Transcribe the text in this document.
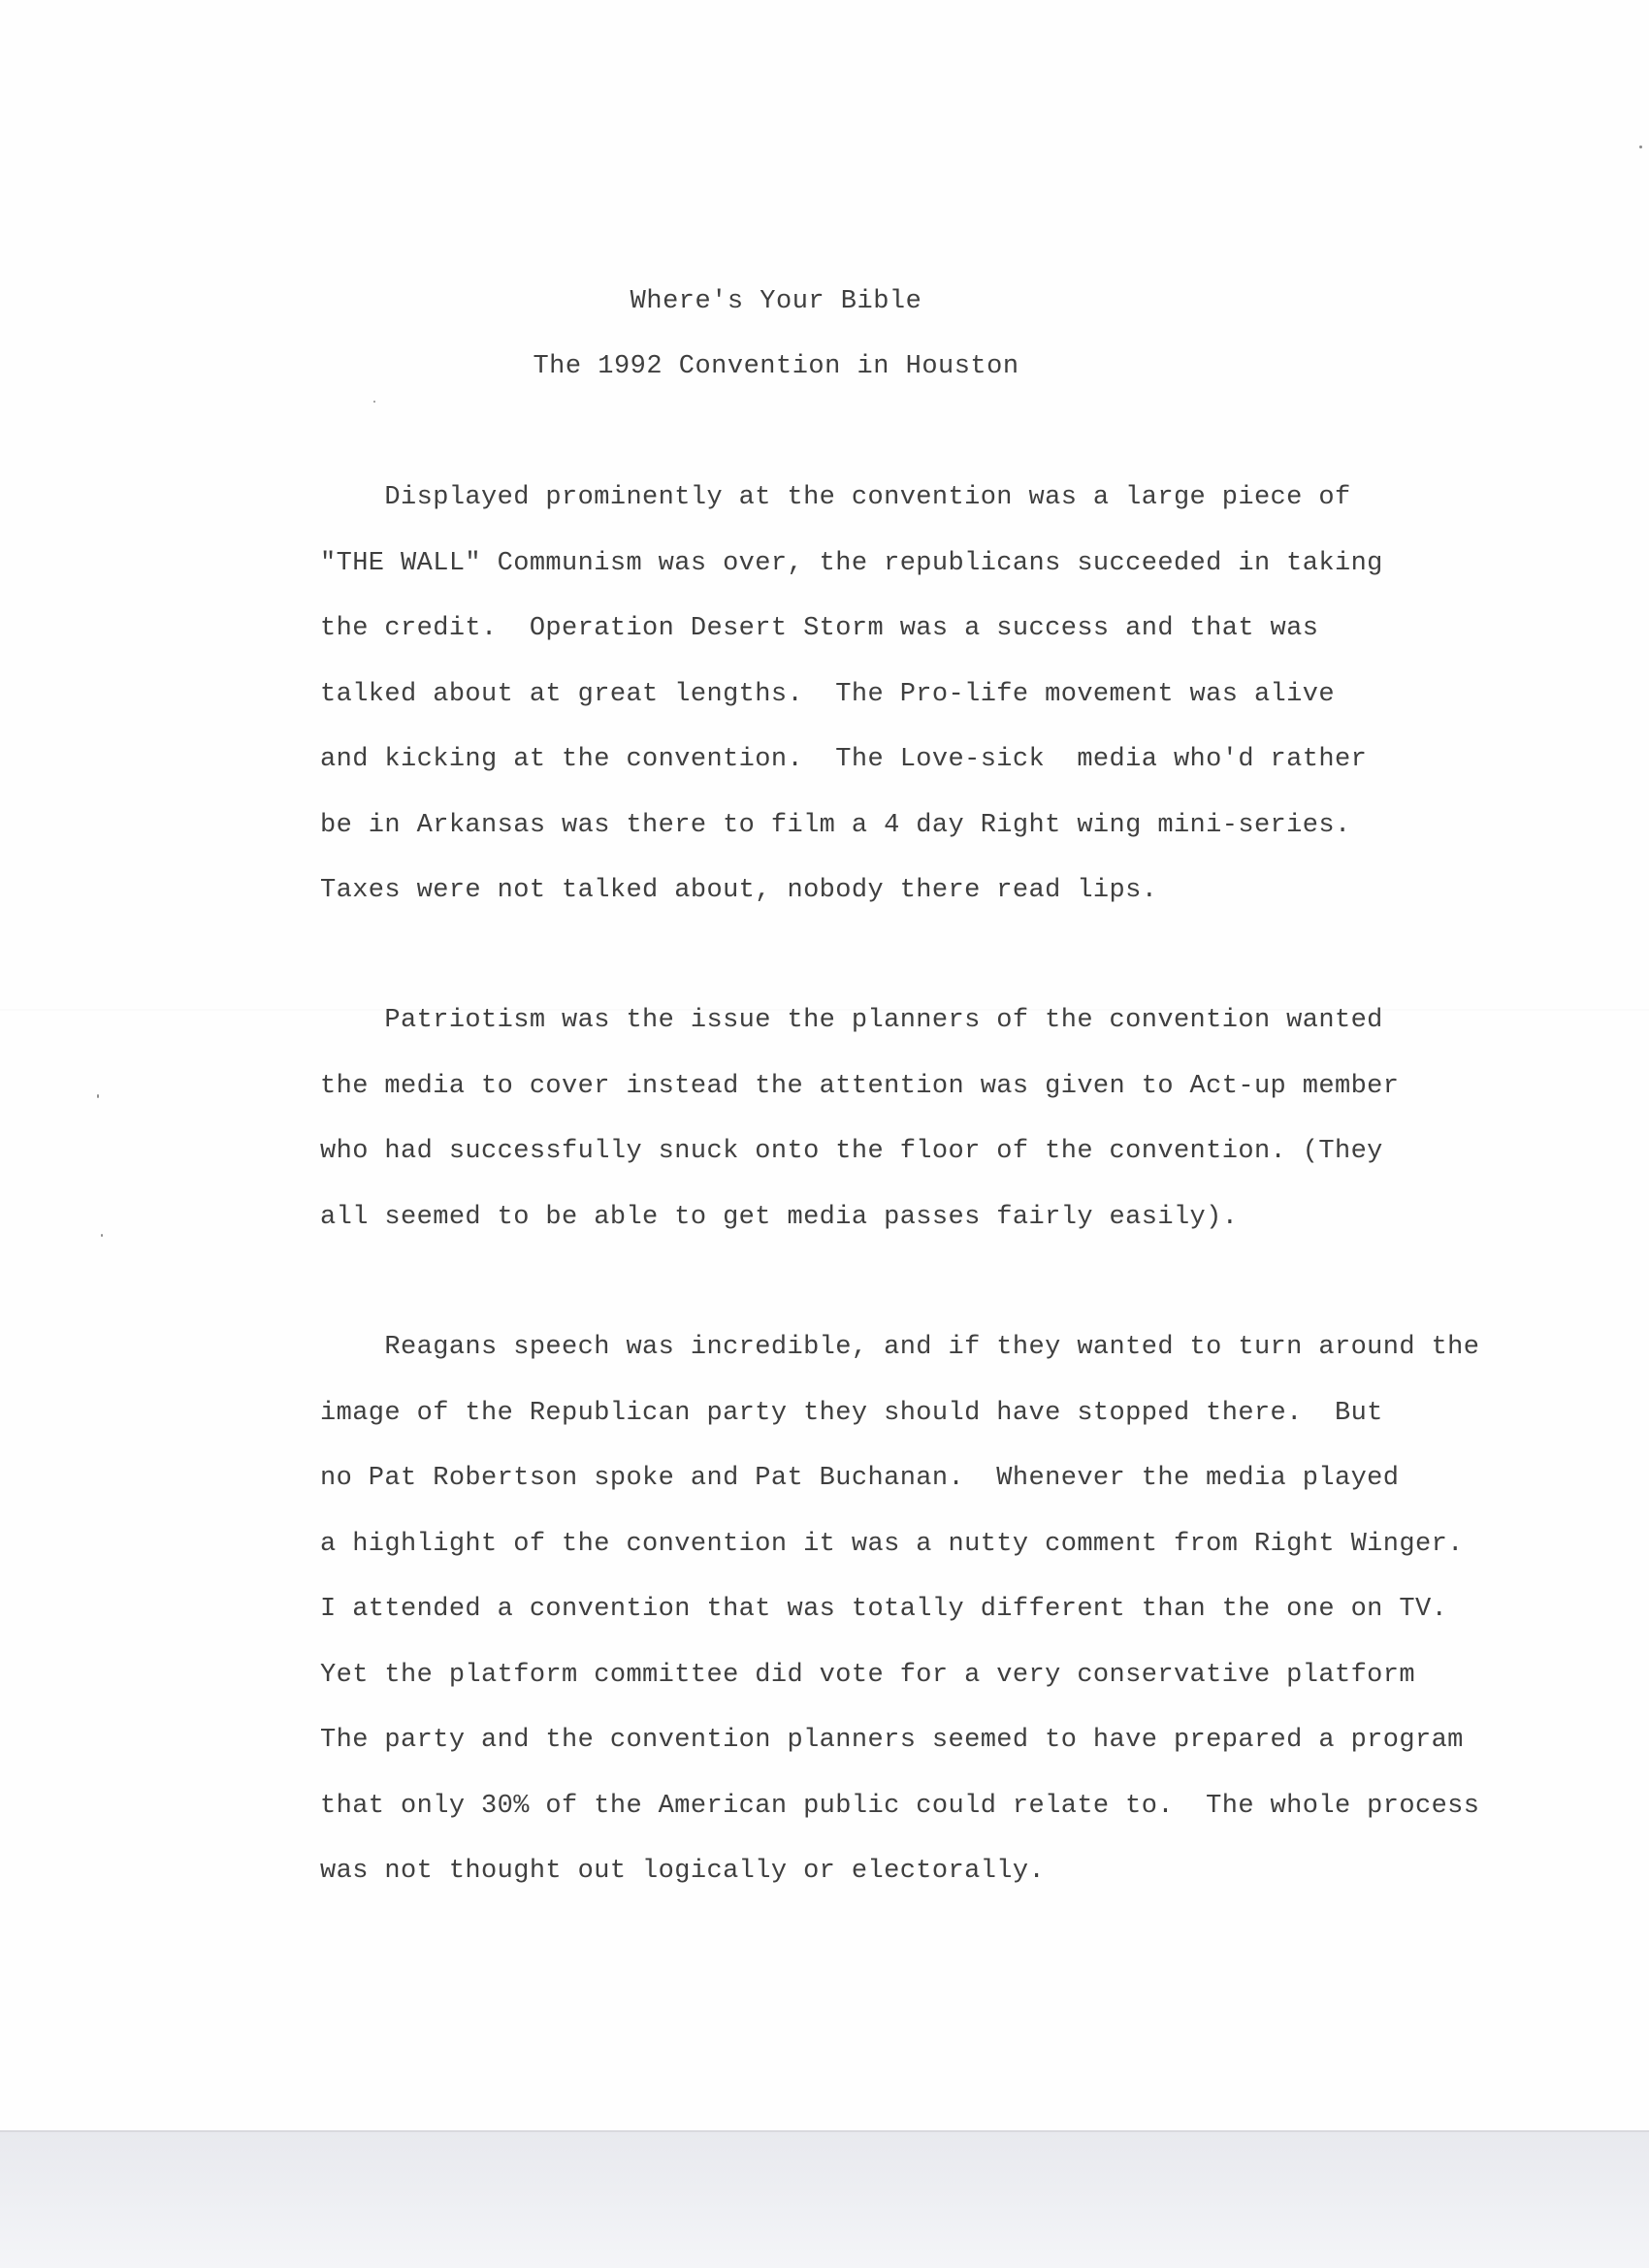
Where's Your Bible
The 1992 Convention in Houston
Displayed prominently at the convention was a large piece of
"THE WALL" Communism was over, the republicans succeeded in taking
the credit.  Operation Desert Storm was a success and that was
talked about at great lengths.  The Pro-life movement was alive
and kicking at the convention.  The Love-sick  media who'd rather
be in Arkansas was there to film a 4 day Right wing mini-series.
Taxes were not talked about, nobody there read lips.
Patriotism was the issue the planners of the convention wanted
the media to cover instead the attention was given to Act-up member
who had successfully snuck onto the floor of the convention. (They
all seemed to be able to get media passes fairly easily).
Reagans speech was incredible, and if they wanted to turn around the
image of the Republican party they should have stopped there.  But
no Pat Robertson spoke and Pat Buchanan.  Whenever the media played
a highlight of the convention it was a nutty comment from Right Winger.
I attended a convention that was totally different than the one on TV.
Yet the platform committee did vote for a very conservative platform
The party and the convention planners seemed to have prepared a program
that only 30% of the American public could relate to.  The whole process
was not thought out logically or electorally.
